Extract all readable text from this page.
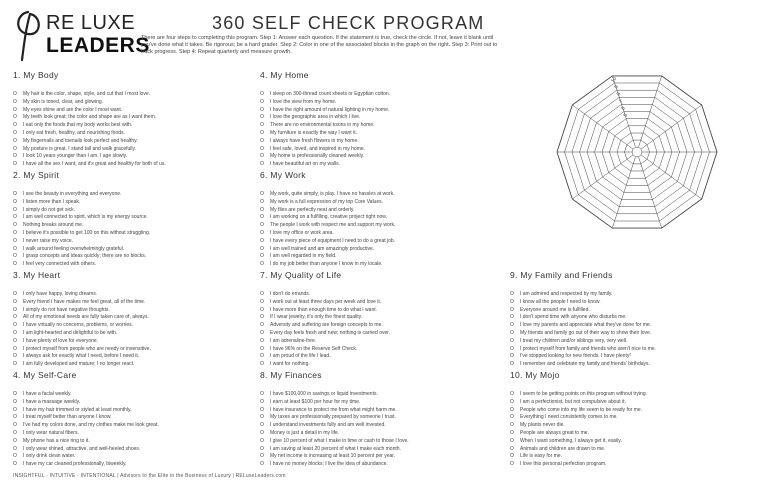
RE LUXE
LEADERS
360 SELF CHECK PROGRAM
There are four steps to completing this program. Step 1: Answer each question. If the statement is true, check the circle. If not, leave it blank until you've done what it takes. Be rigorous; be a hard grader. Step 2: Color in one of the associated blocks in the graph on the right. Step 3: Print out to track progress. Step 4: Repeat quarterly and measure growth.
1. My Body
O My hair is the color, shape, style, and cut that I most love.
O My skin is toned, clear, and glowing.
O My eyes shine and are the color I most want.
O My teeth look great; the color and shape are as I want them.
O I eat only the foods that my body works best with.
O I only eat fresh, healthy, and nourishing foods.
O My fingernails and toenails look perfect and healthy.
O My posture is great. I stand tall and walk gracefully.
O I look 10 years younger than I am. I age slowly.
O I have all the sex I want, and it's great and healthy for both of us.
2. My Spirit
O I see the beauty in everything and everyone.
O I listen more than I speak.
O I simply do not get sick.
O I am well connected to spirit, which is my energy source.
O Nothing breaks around me.
O I believe it's possible to get 100 on this without struggling.
O I never raise my voice.
O I walk around feeling overwhelmingly grateful.
O I grasp concepts and ideas quickly; there are no blocks.
O I feel very connected with others.
3. My Heart
O I only have happy, loving dreams.
O Every friend I have makes me feel great, all of the time.
O I simply do not have negative thoughts.
O All of my emotional needs are fully taken care of, always.
O I have virtually no concerns, problems, or worries.
O I am light-hearted and delightful to be with.
O I have plenty of love for everyone.
O I protect myself from people who are needy or insensitive.
O I always ask for exactly what I need, before I need it.
O I am fully developed and mature; I no longer react.
4. My Self-Care
O I have a facial weekly.
O I have a massage weekly.
O I have my hair trimmed or styled at least monthly.
O I treat myself better than anyone I know.
O I've had my colors done, and my clothes make me look great.
O I only wear natural fibers.
O My phone has a nice ring to it.
O I only wear shined, attractive, and well-heeled shoes.
O I only drink clean water.
O I have my car cleaned professionally, biweekly.
4. My Home
O I sleep on 300-thread count sheets or Egyptian cotton.
O I love the view from my home.
O I have the right amount of natural lighting in my home.
O I love the geographic area in which I live.
O There are no environmental toxins in my home.
O My furniture is exactly the way I want it.
O I always have fresh flowers in my home.
O I feel safe, loved, and inspired in my home.
O My home is professionally cleaned weekly.
O I have beautiful art on my walls.
6. My Work
O My work, quite simply, is play. I have no hassles at work.
O My work is a full expression of my top Core Values.
O My files are perfectly neat and orderly.
O I am working on a fulfilling, creative project right now.
O The people I work with respect me and support my work.
O I love my office or work area.
O I have every piece of equipment I need to do a great job.
O I am well trained and am amazingly productive.
O I am well regarded in my field.
O I do my job better than anyone I know in my locale.
7. My Quality of Life
O I don't do errands.
O I work out at least three days per week and love it.
O I have more than enough time to do what I want.
O If I wear jewelry, it's only the finest quality.
O Adversity and suffering are foreign concepts to me.
O Every day feels fresh and new; nothing is carried over.
O I am adrenaline-free.
O I have 96% on the Reserve Self Check.
O I am proud of the life I lead.
O I want for nothing.
8. My Finances
O I have $100,000 in savings or liquid investments.
O I earn at least $100 per hour for my time.
O I have insurance to protect me from what might harm me.
O My taxes are professionally prepared by someone I trust.
O I understand investments fully and am well invested.
O Money is just a detail in my life.
O I give 10 percent of what I make in time or cash to those I love.
O I am saving at least 20 percent of what I make each month.
O My net income is increasing at least 10 percent per year.
O I have no money blocks; I live the idea of abundance.
9. My Family and Friends
O I am admired and respected by my family.
O I know all the people I need to know.
O Everyone around me is fulfilled.
O I don't spend time with anyone who disturbs me.
O I love my parents and appreciate what they've done for me.
O My friends and family go out of their way to show their love.
O I treat my children and/or siblings very, very well.
O I protect myself from family and friends who aren't nice to me.
O I've stopped looking for new friends. I have plenty!
O I remember and celebrate my family and friends' birthdays.
10. My Mojo
O I seem to be getting points on this program without trying.
O I am a perfectionist, but not compulsive about it.
O People who come into my life seem to be ready for me.
O Everything I need consistently comes to me.
O My plants never die.
O People are always great to me.
O When I want something, I always get it, easily.
O Animals and children are drawn to me.
O Life is easy for me.
O I love this personal perfection program.
10
9
8
7
6
5
INSIGHTFUL · INTUITIVE · INTENTIONAL | Advisors to the Elite in the Business of Luxury | RELuxeLeaders.com
